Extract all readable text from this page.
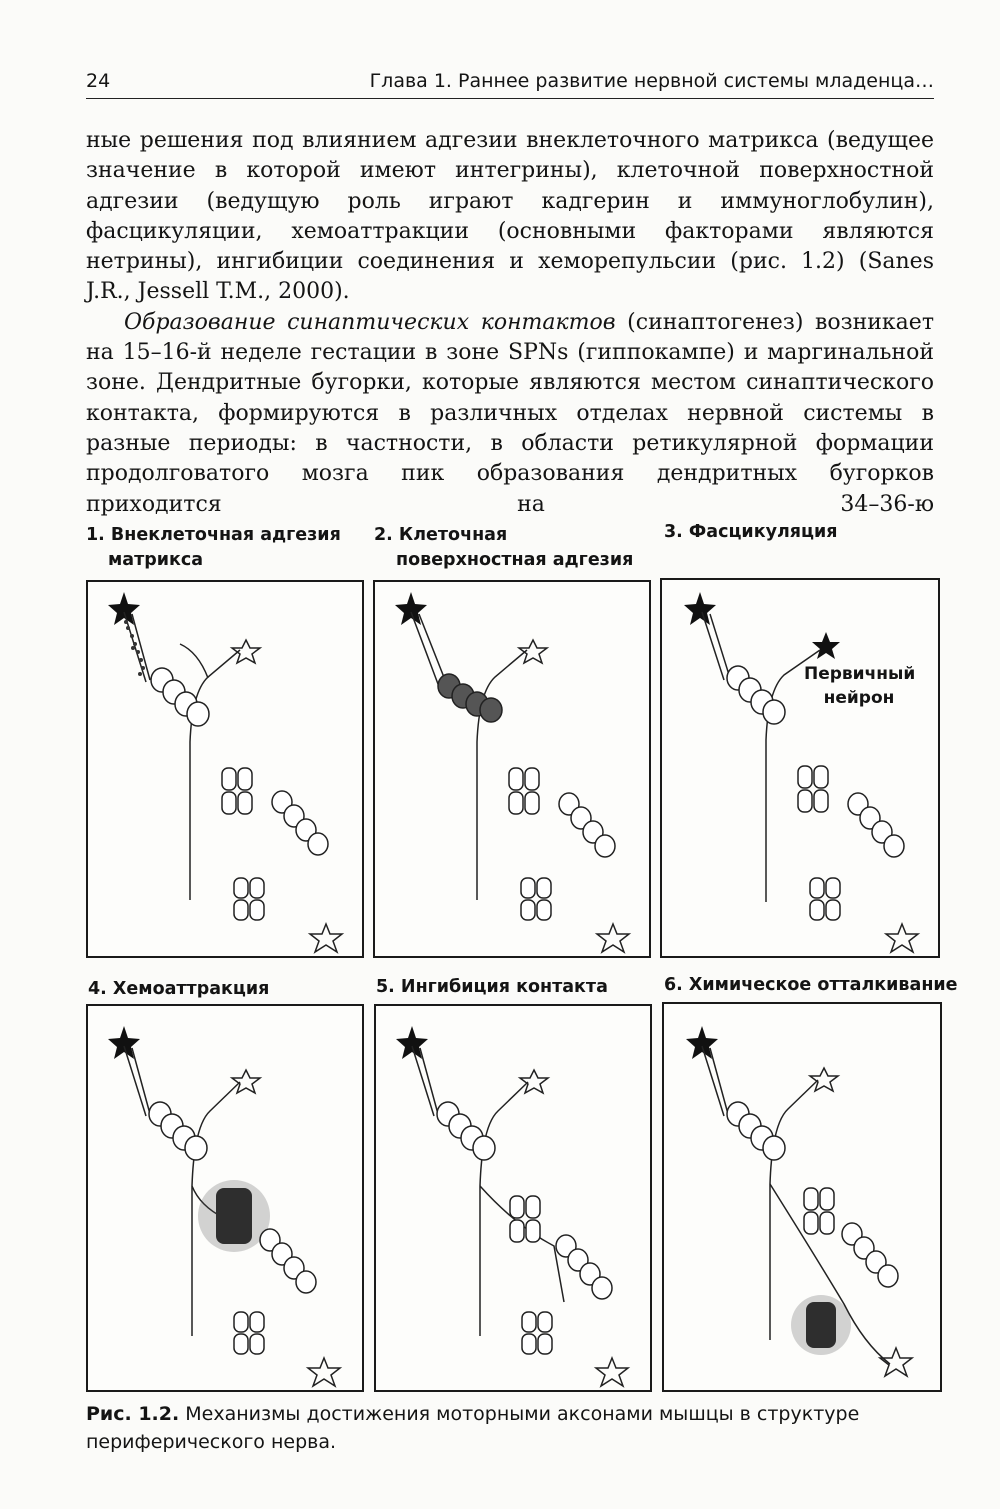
24	Глава 1. Раннее развитие нервной системы младенца…

ные решения под влиянием адгезии внеклеточного матрикса (ведущее значение в которой имеют интегрины), клеточной поверхностной адгезии (ведущую роль играют кадгерин и иммуноглобулин), фасцикуляции, хемоаттракции (основными факторами являются нетрины), ингибиции соединения и хеморепульсии (рис. 1.2) (Sanes J.R., Jessell T.M., 2000).

Образование синаптических контактов (синаптогенез) возникает на 15–16-й неделе гестации в зоне SPNs (гиппокампе) и маргинальной зоне. Дендритные бугорки, которые являются местом синаптического контакта, формируются в различных отделах нервной системы в разные периоды: в частности, в области ретикулярной формации продолговатого мозга пик образования дендритных бугорков приходится на 34–36-ю

1. Внеклеточная адгезия
матрикса
2. Клеточная
поверхностная адгезия
3. Фасцикуляция
4. Хемоаттракция	5. Ингибиция контакта	6. Химическое отталкивание
Первичный
нейрон
Рис. 1.2. Механизмы достижения моторными аксонами мышцы в структуре периферического нерва.
